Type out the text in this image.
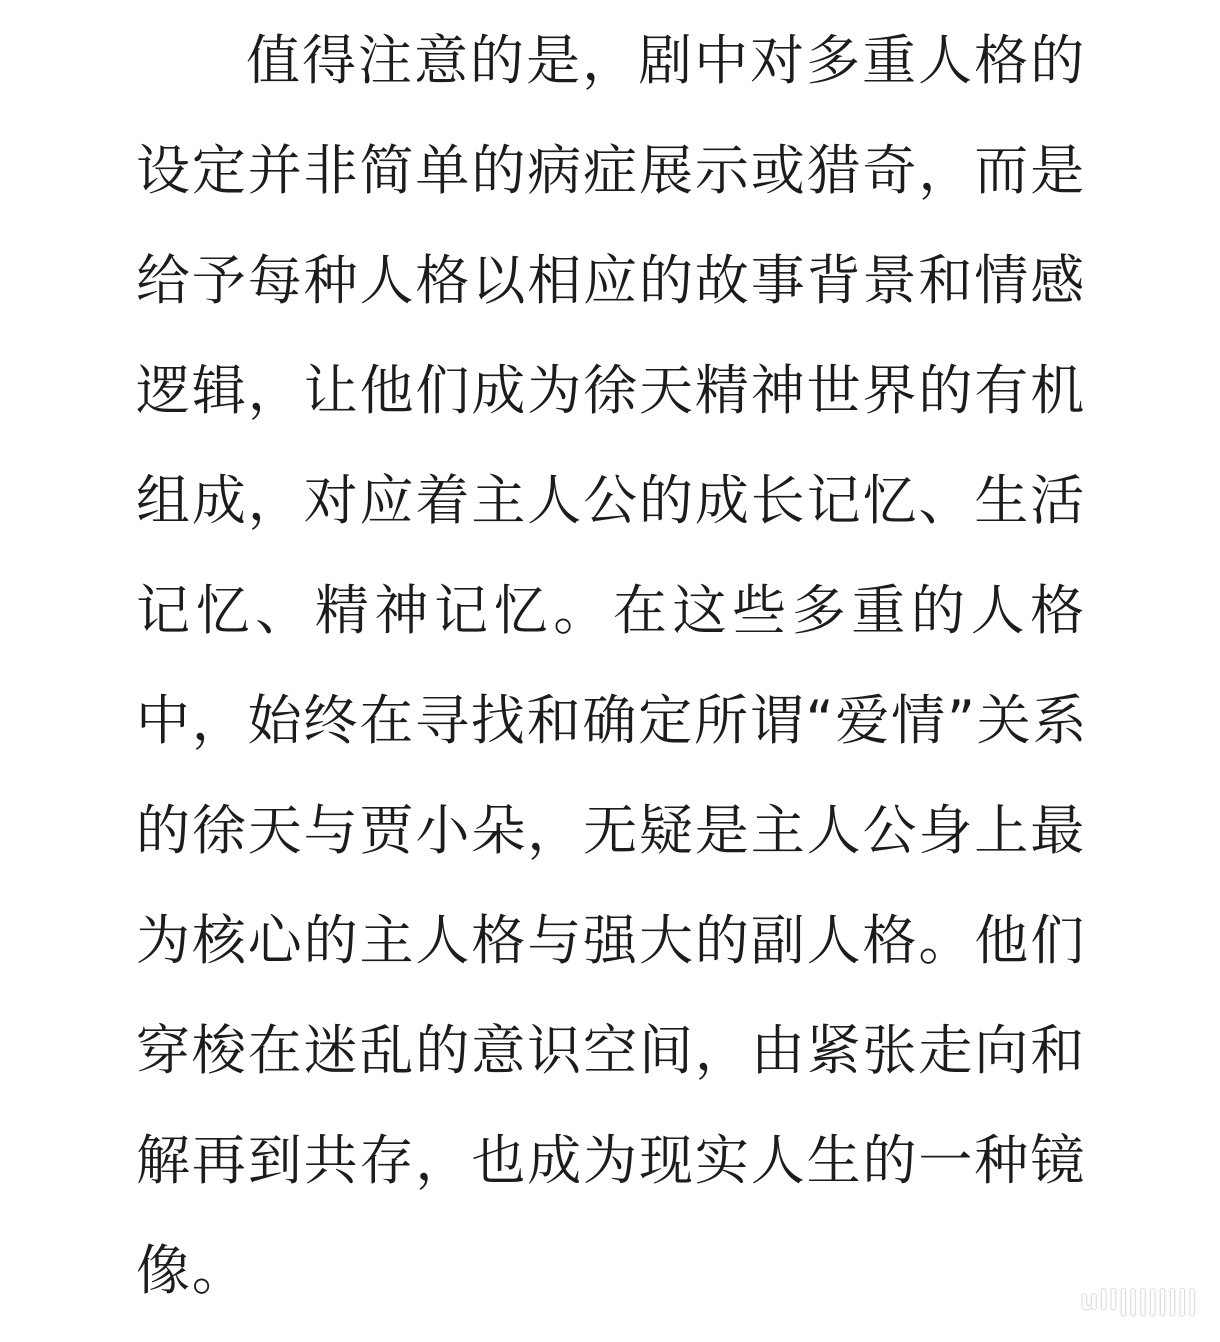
值得注意的是，剧中对多重人格的
设定并非简单的病症展示或猎奇，而是
给予每种人格以相应的故事背景和情感
逻辑，让他们成为徐天精神世界的有机
组成，对应着主人公的成长记忆、生活
记忆、精神记忆。在这些多重的人格
中，始终在寻找和确定所谓“爱情”关系
的徐天与贾小朵，无疑是主人公身上最
为核心的主人格与强大的副人格。他们
穿梭在迷乱的意识空间，由紧张走向和
解再到共存，也成为现实人生的一种镜
像。	ull||||||||
